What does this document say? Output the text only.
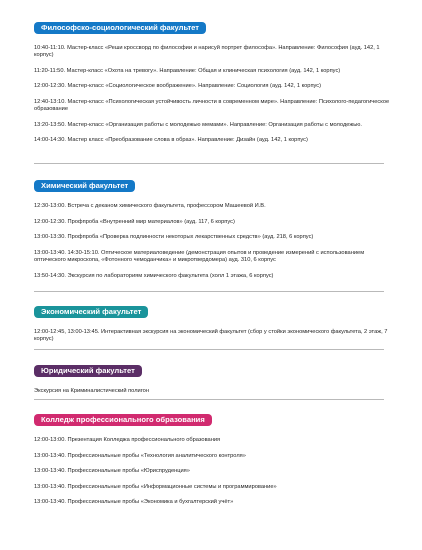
Философско-социологический факультет

10:40-11:10. Мастер-класс «Реши кроссворд по философии и нарисуй портрет философа». Направление: Философия (ауд. 142, 1 корпус)

11:20-11:50. Мастер-класс «Охота на тревогу». Направление: Общая и клиническая психология (ауд. 142, 1 корпус)

12:00-12:30. Мастер-класс «Социологическое воображение». Направление: Социология (ауд. 142, 1 корпус)

12:40-13:10. Мастер-класс «Психологическая устойчивость личности в современном мире». Направление: Психолого-педагогическое образование

13:20-13:50. Мастер-класс «Организация работы с молодежью мемами». Направление: Организация работы с молодежью.

14:00-14:30. Мастер класс «Преобразование слова в образ». Направление: Дизайн (ауд. 142, 1 корпус)

Химический факультет

12:30-13:00. Встреча с деканом химического факультета, профессором Машеевой И.В.

12:00-12:30. Профпроба «Внутренний мир материалов» (ауд. 117, 6 корпус)

13:00-13:30. Профпроба «Проверка подлинности некоторых лекарственных средств» (ауд. 218, 6 корпус)

13:00-13:40. 14:30-15:10. Оптическое материаловедение (демонстрация опытов и проведение измерений с использованием оптического микроскопа, «Фотонного чемоданчика» и микротвердомера) ауд. 310, 6 корпус

13:50-14:30. Экскурсия по лабораториям химического факультета (холл 1 этажа, 6 корпус)

Экономический факультет

12:00-12:45, 13:00-13:45. Интерактивная экскурсия на экономический факультет (сбор у стойки экономического факультета, 2 этаж, 7 корпус)

Юридический факультет

Экскурсия на Криминалистический полигон

Колледж профессионального образования

12:00-13:00. Презентация Колледжа профессионального образования

13:00-13:40. Профессиональные пробы «Технология аналитического контроля»

13:00-13:40. Профессиональные пробы «Юриспруденция»

13:00-13:40. Профессиональные пробы «Информационные системы и программирование»

13:00-13:40. Профессиональные пробы «Экономика и бухгалтерский учёт»
